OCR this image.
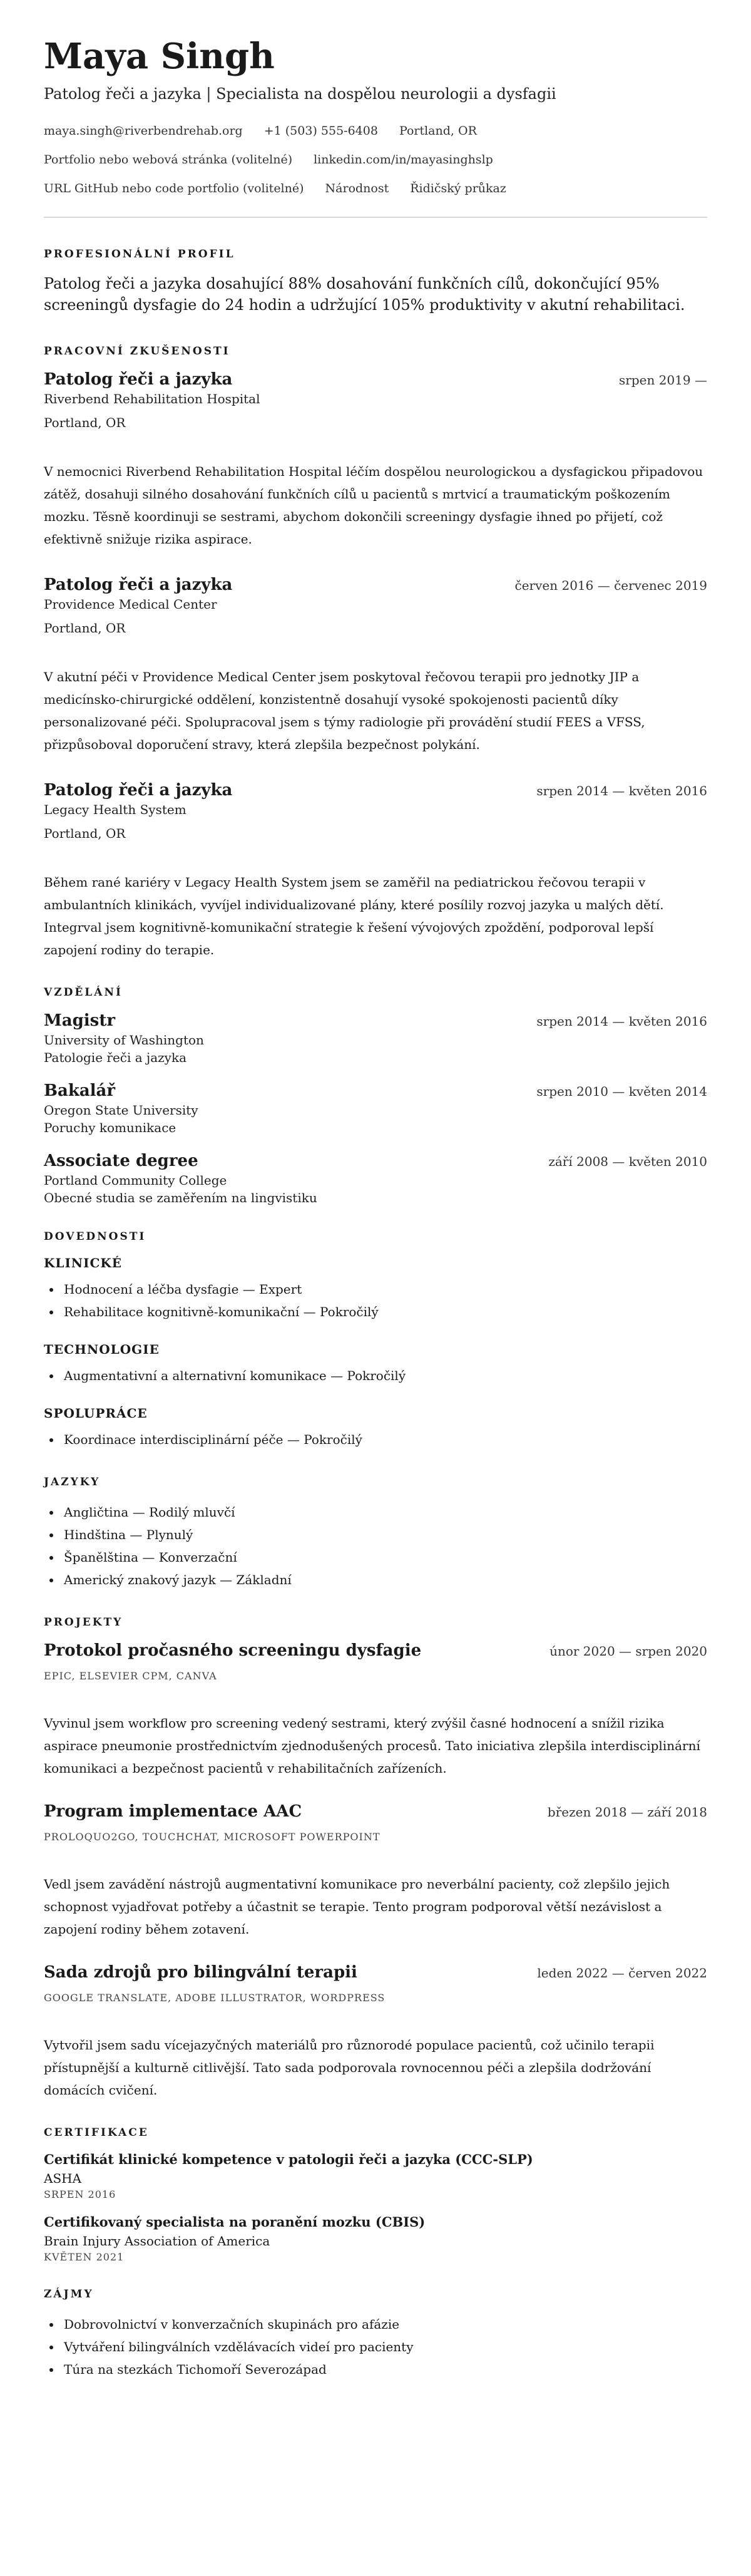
Maya Singh
Patolog řeči a jazyka | Specialista na dospělou neurologii a dysfagii
maya.singh@riverbendrehab.org +1 (503) 555-6408 Portland, OR
Portfolio nebo webová stránka (volitelné) linkedin.com/in/mayasinghslp
URL GitHub nebo code portfolio (volitelné) Národnost Řidičský průkaz
PROFESIONÁLNÍ PROFIL

Patolog řeči a jazyka dosahující 88% dosahování funkčních cílů, dokončující 95% screeningů dysfagie do 24 hodin a udržující 105% produktivity v akutní rehabilitaci.

PRACOVNÍ ZKUŠENOSTI
Patolog řeči a jazyka	srpen 2019 —
Riverbend Rehabilitation Hospital
Portland, OR
V nemocnici Riverbend Rehabilitation Hospital léčím dospělou neurologickou a dysfagickou připadovou zátěž, dosahuji silného dosahování funkčních cílů u pacientů s mrtvicí a traumatickým poškozením mozku. Těsně koordinuji se sestrami, abychom dokončili screeningy dysfagie ihned po přijetí, což efektivně snižuje rizika aspirace.
Patolog řeči a jazyka	červen 2016 — červenec 2019
Providence Medical Center
Portland, OR
V akutní péči v Providence Medical Center jsem poskytoval řečovou terapii pro jednotky JIP a medicínsko-chirurgické oddělení, konzistentně dosahují vysoké spokojenosti pacientů díky personalizované péči. Spolupracoval jsem s týmy radiologie při provádění studií FEES a VFSS, přizpůsoboval doporučení stravy, která zlepšila bezpečnost polykání.
Patolog řeči a jazyka	srpen 2014 — květen 2016
Legacy Health System
Portland, OR
Během rané kariéry v Legacy Health System jsem se zaměřil na pediatrickou řečovou terapii v ambulantních klinikách, vyvíjel individualizované plány, které posílily rozvoj jazyka u malých dětí. Integrval jsem kognitivně-komunikační strategie k řešení vývojových zpoždění, podporoval lepší zapojení rodiny do terapie.
VZDĚLÁNÍ
Magistr	srpen 2014 — květen 2016
University of Washington
Patologie řeči a jazyka
Bakalář	srpen 2010 — květen 2014
Oregon State University
Poruchy komunikace
Associate degree	září 2008 — květen 2010
Portland Community College
Obecné studia se zaměřením na lingvistiku
DOVEDNOSTI
KLINICKÉ
• Hodnocení a léčba dysfagie — Expert
• Rehabilitace kognitivně-komunikační — Pokročilý
TECHNOLOGIE
• Augmentativní a alternativní komunikace — Pokročilý
SPOLUPRÁCE
• Koordinace interdisciplinární péče — Pokročilý
JAZYKY
• Angličtina — Rodilý mluvčí
• Hindština — Plynulý
• Španělština — Konverzační
• Americký znakový jazyk — Základní
PROJEKTY
Protokol pročasného screeningu dysfagie	únor 2020 — srpen 2020
EPIC, ELSEVIER CPM, CANVA
Vyvinul jsem workflow pro screening vedený sestrami, který zvýšil časné hodnocení a snížil rizika aspirace pneumonie prostřednictvím zjednodušených procesů. Tato iniciativa zlepšila interdisciplinární komunikaci a bezpečnost pacientů v rehabilitačních zařízeních.
Program implementace AAC	březen 2018 — září 2018
PROLOQUO2GO, TOUCHCHAT, MICROSOFT POWERPOINT
Vedl jsem zavádění nástrojů augmentativní komunikace pro neverbální pacienty, což zlepšilo jejich schopnost vyjadřovat potřeby a účastnit se terapie. Tento program podporoval větší nezávislost a zapojení rodiny během zotavení.
Sada zdrojů pro bilingvální terapii	leden 2022 — červen 2022
GOOGLE TRANSLATE, ADOBE ILLUSTRATOR, WORDPRESS
Vytvořil jsem sadu vícejazyčných materiálů pro různorodé populace pacientů, což učinilo terapii přístupnější a kulturně citlivější. Tato sada podporovala rovnocennou péči a zlepšila dodržování domácích cvičení.
CERTIFIKACE
Certifikát klinické kompetence v patologii řeči a jazyka (CCC-SLP)
ASHA
SRPEN 2016
Certifikovaný specialista na poranění mozku (CBIS)
Brain Injury Association of America
KVĚTEN 2021
ZÁJMY
• Dobrovolnictví v konverzačních skupinách pro afázie
• Vytváření bilingválních vzdělávacích videí pro pacienty
• Túra na stezkách Tichomoří Severozápad
